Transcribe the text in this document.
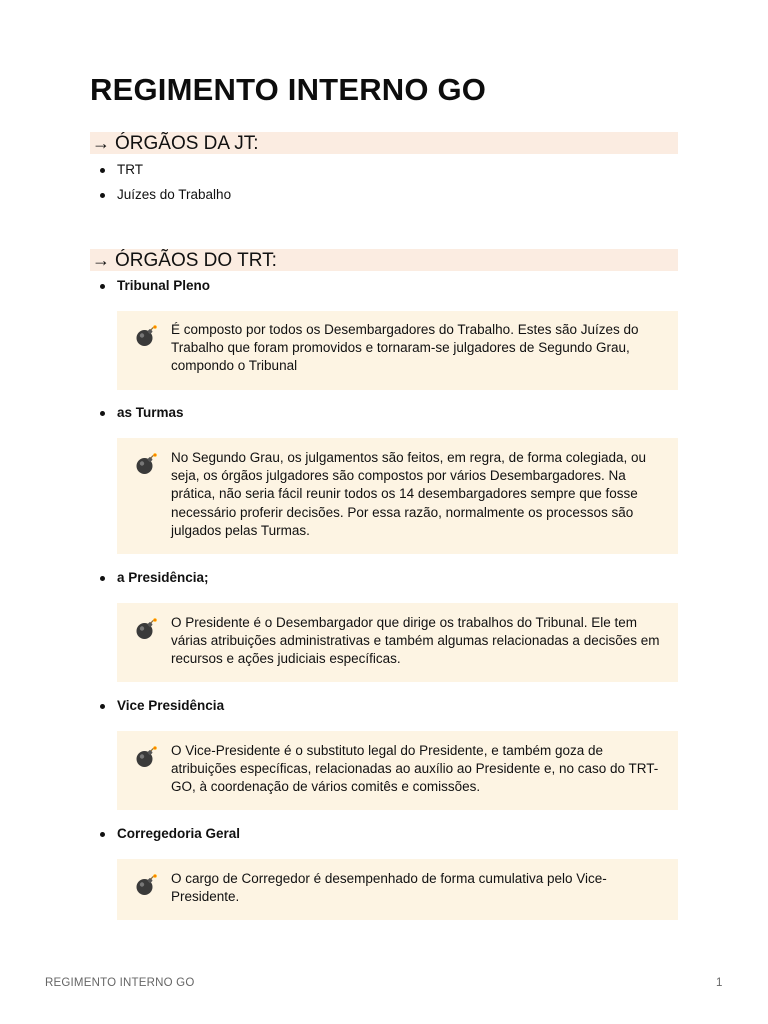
REGIMENTO INTERNO GO
→ ÓRGÃOS DA JT:
TRT
Juízes do Trabalho
→ ÓRGÃOS DO TRT:
Tribunal Pleno
É composto por todos os Desembargadores do Trabalho. Estes são Juízes do Trabalho que foram promovidos e tornaram-se julgadores de Segundo Grau, compondo o Tribunal
as Turmas
No Segundo Grau, os julgamentos são feitos, em regra, de forma colegiada, ou seja, os órgãos julgadores são compostos por vários Desembargadores. Na prática, não seria fácil reunir todos os 14 desembargadores sempre que fosse necessário proferir decisões. Por essa razão, normalmente os processos são julgados pelas Turmas.
a Presidência;
O Presidente é o Desembargador que dirige os trabalhos do Tribunal. Ele tem várias atribuições administrativas e também algumas relacionadas a decisões em recursos e ações judiciais específicas.
Vice Presidência
O Vice-Presidente é o substituto legal do Presidente, e também goza de atribuições específicas, relacionadas ao auxílio ao Presidente e, no caso do TRT-GO, à coordenação de vários comitês e comissões.
Corregedoria Geral
O cargo de Corregedor é desempenhado de forma cumulativa pelo Vice-Presidente.
REGIMENTO INTERNO GO	1
